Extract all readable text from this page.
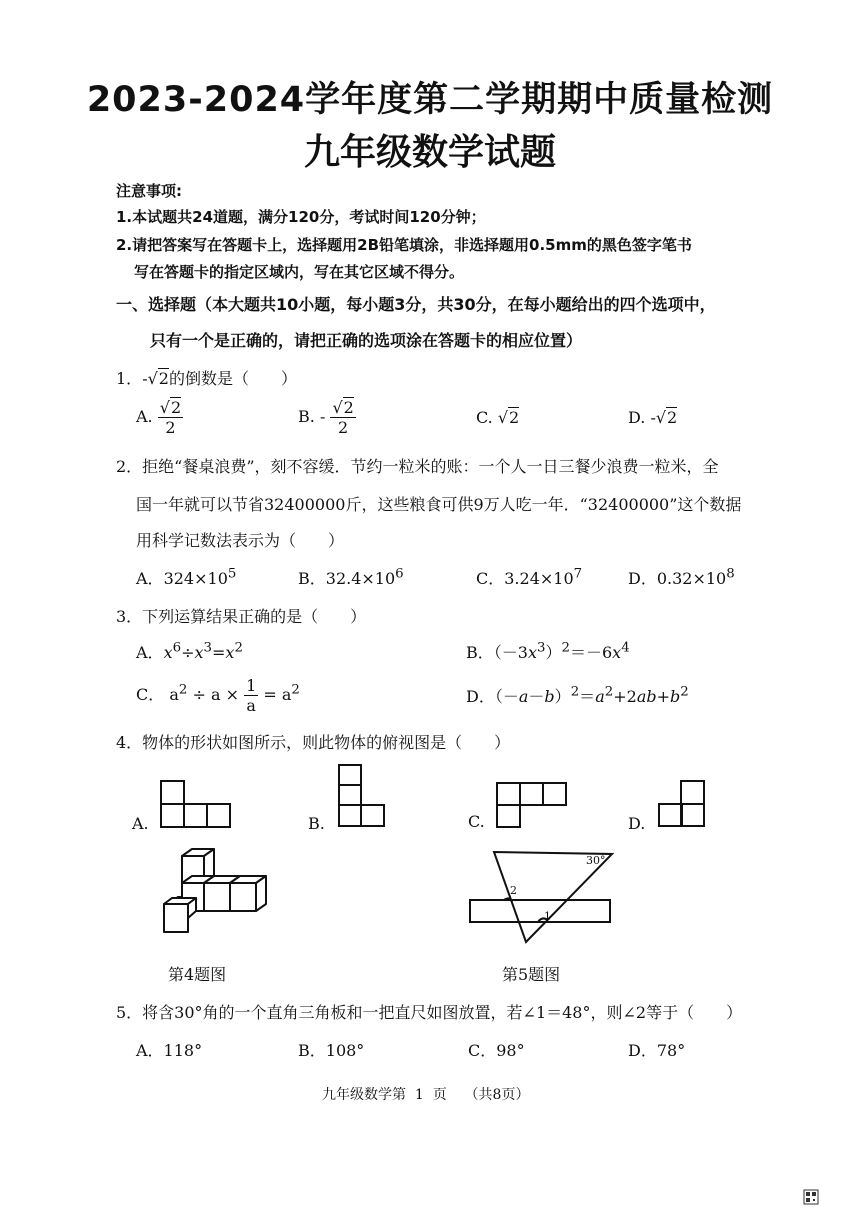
2023-2024学年度第二学期期中质量检测
九年级数学试题
注意事项:
1.本试题共24道题，满分120分，考试时间120分钟；
2.请把答案写在答题卡上，选择题用2B铅笔填涂，非选择题用0.5mm的黑色签字笔书
写在答题卡的指定区域内，写在其它区域不得分。
一、选择题（本大题共10小题，每小题3分，共30分，在每小题给出的四个选项中，
只有一个是正确的，请把正确的选项涂在答题卡的相应位置）
1．-√2的倒数是（　　）
A. $\frac{√2}{2}$	B. - $\frac{√2}{2}$	C. √2	D. -√2
2．拒绝“餐桌浪费”，刻不容缓．节约一粒米的账：一个人一日三餐少浪费一粒米，全
国一年就可以节省32400000斤，这些粮食可供9万人吃一年．“32400000”这个数据
用科学记数法表示为（　　）
A．$324\times 10^5$	B．$32.4\times 10^6$	C．$3.24\times 10^7$	D．$0.32\times 10^8$
3．下列运算结果正确的是（　　）
A．$x^6\div x^3=x^2$	B．$(-3x^3)^2=-6x^4$
C． $a^2 \div a \times \frac{1}{a} = a^2$	D．$(-a-b)^2=a^2+2ab+b^2$
4．物体的形状如图所示，则此物体的俯视图是（　　）
A.	B.	C.	D.
第4题图
30°
2
1
第5题图
5．将含30°角的一个直角三角板和一把直尺如图放置，若∠1＝48°，则∠2等于（　　）
A．118°	B．108°	C．98°	D．78°
九年级数学第 1 页 （共8页）
